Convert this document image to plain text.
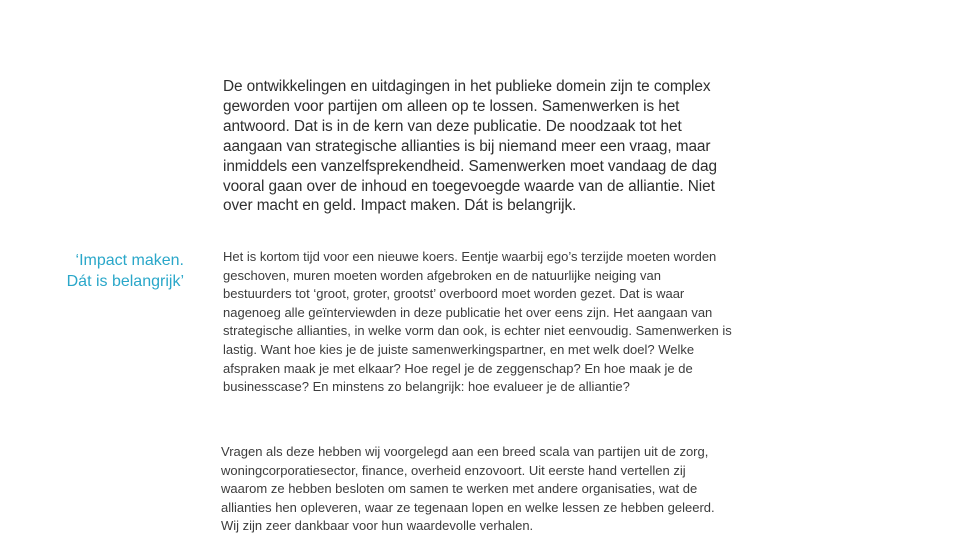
De ontwikkelingen en uitdagingen in het publieke domein zijn te complex geworden voor partijen om alleen op te lossen. Samenwerken is het antwoord. Dat is in de kern van deze publicatie. De noodzaak tot het aangaan van strategische allianties is bij niemand meer een vraag, maar inmiddels een vanzelfsprekendheid. Samenwerken moet vandaag de dag vooral gaan over de inhoud en toegevoegde waarde van de alliantie. Niet over macht en geld. Impact maken. Dát is belangrijk.

‘Impact maken.
Dát is belangrijk’

Het is kortom tijd voor een nieuwe koers. Eentje waarbij ego’s terzijde moeten worden geschoven, muren moeten worden afgebroken en de natuurlijke neiging van bestuurders tot ‘groot, groter, grootst’ overboord moet worden gezet. Dat is waar nagenoeg alle geïnterviewden in deze publicatie het over eens zijn. Het aangaan van strategische allianties, in welke vorm dan ook, is echter niet eenvoudig. Samenwerken is lastig. Want hoe kies je de juiste samenwerkingspartner, en met welk doel? Welke afspraken maak je met elkaar? Hoe regel je de zeggenschap? En hoe maak je de businesscase? En minstens zo belangrijk: hoe evalueer je de alliantie?

Vragen als deze hebben wij voorgelegd aan een breed scala van partijen uit de zorg, woningcorporatiesector, finance, overheid enzovoort. Uit eerste hand vertellen zij waarom ze hebben besloten om samen te werken met andere organisaties, wat de allianties hen opleveren, waar ze tegenaan lopen en welke lessen ze hebben geleerd. Wij zijn zeer dankbaar voor hun waardevolle verhalen.
